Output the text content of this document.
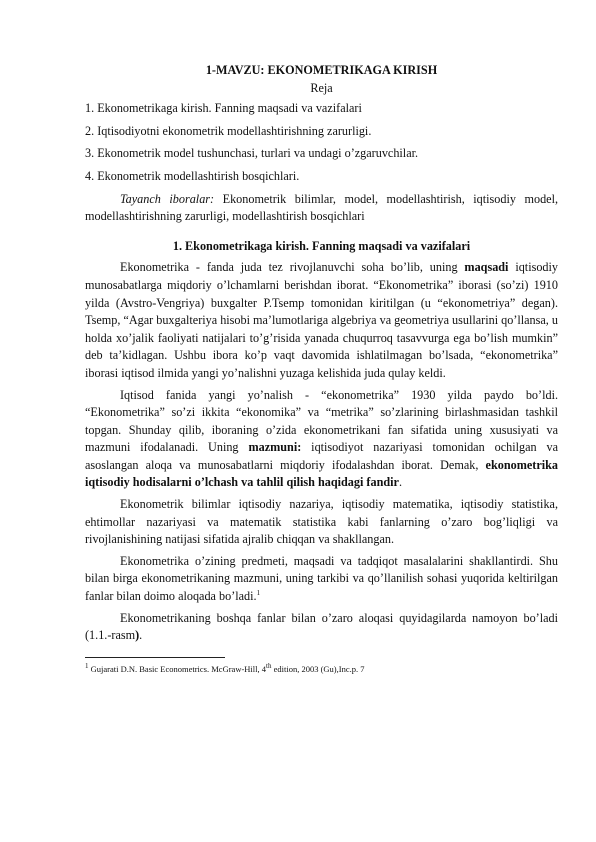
1-MAVZU: EKONOMETRIKAGA KIRISH

Reja

1. Ekonometrikaga kirish. Fanning maqsadi va vazifalari

2. Iqtisodiyotni ekonometrik modellashtirishning zarurligi.

3. Ekonometrik model tushunchasi, turlari va undagi o’zgaruvchilar.

4. Ekonometrik modellashtirish bosqichlari.

Tayanch iboralar: Ekonometrik bilimlar, model, modellashtirish, iqtisodiy model, modellashtirishning zarurligi, modellashtirish bosqichlari

1. Ekonometrikaga kirish. Fanning maqsadi va vazifalari

Ekonometrika - fanda juda tez rivojlanuvchi soha bo’lib, uning maqsadi iqtisodiy munosabatlarga miqdoriy o’lchamlarni berishdan iborat. “Ekonometrika” iborasi (so’zi) 1910 yilda (Avstro-Vengriya) buxgalter P.Tsemp tomonidan kiritilgan (u “ekonometriya” degan). Tsemp, “Agar buxgalteriya hisobi ma’lumotlariga algebriya va geometriya usullarini qo’llansa, u holda xo’jalik faoliyati natijalari to’g’risida yanada chuqurroq tasavvurga ega bo’lish mumkin” deb ta’kidlagan. Ushbu ibora ko’p vaqt davomida ishlatilmagan bo’lsada, “ekonometrika” iborasi iqtisod ilmida yangi yo’nalishni yuzaga kelishida juda qulay keldi.

Iqtisod fanida yangi yo’nalish - “ekonometrika” 1930 yilda paydo bo’ldi. “Ekonometrika” so’zi ikkita “ekonomika” va “metrika” so’zlarining birlashmasidan tashkil topgan. Shunday qilib, iboraning o’zida ekonometrikani fan sifatida uning xususiyati va mazmuni ifodalanadi. Uning mazmuni: iqtisodiyot nazariyasi tomonidan ochilgan va asoslangan aloqa va munosabatlarni miqdoriy ifodalashdan iborat. Demak, ekonometrika iqtisodiy hodisalarni o’lchash va tahlil qilish haqidagi fandir.

Ekonometrik bilimlar iqtisodiy nazariya, iqtisodiy matematika, iqtisodiy statistika, ehtimollar nazariyasi va matematik statistika kabi fanlarning o’zaro bog’liqligi va rivojlanishining natijasi sifatida ajralib chiqqan va shakllangan.

Ekonometrika o’zining predmeti, maqsadi va tadqiqot masalalarini shakllantirdi. Shu bilan birga ekonometrikaning mazmuni, uning tarkibi va qo’llanilish sohasi yuqorida keltirilgan fanlar bilan doimo aloqada bo’ladi.$^1$

Ekonometrikaning boshqa fanlar bilan o’zaro aloqasi quyidagilarda namoyon bo’ladi (1.1.-rasm).

$^1$ Gujarati D.N. Basic Econometrics. McGraw-Hill, 4th edition, 2003 (Gu),Inc.p. 7
